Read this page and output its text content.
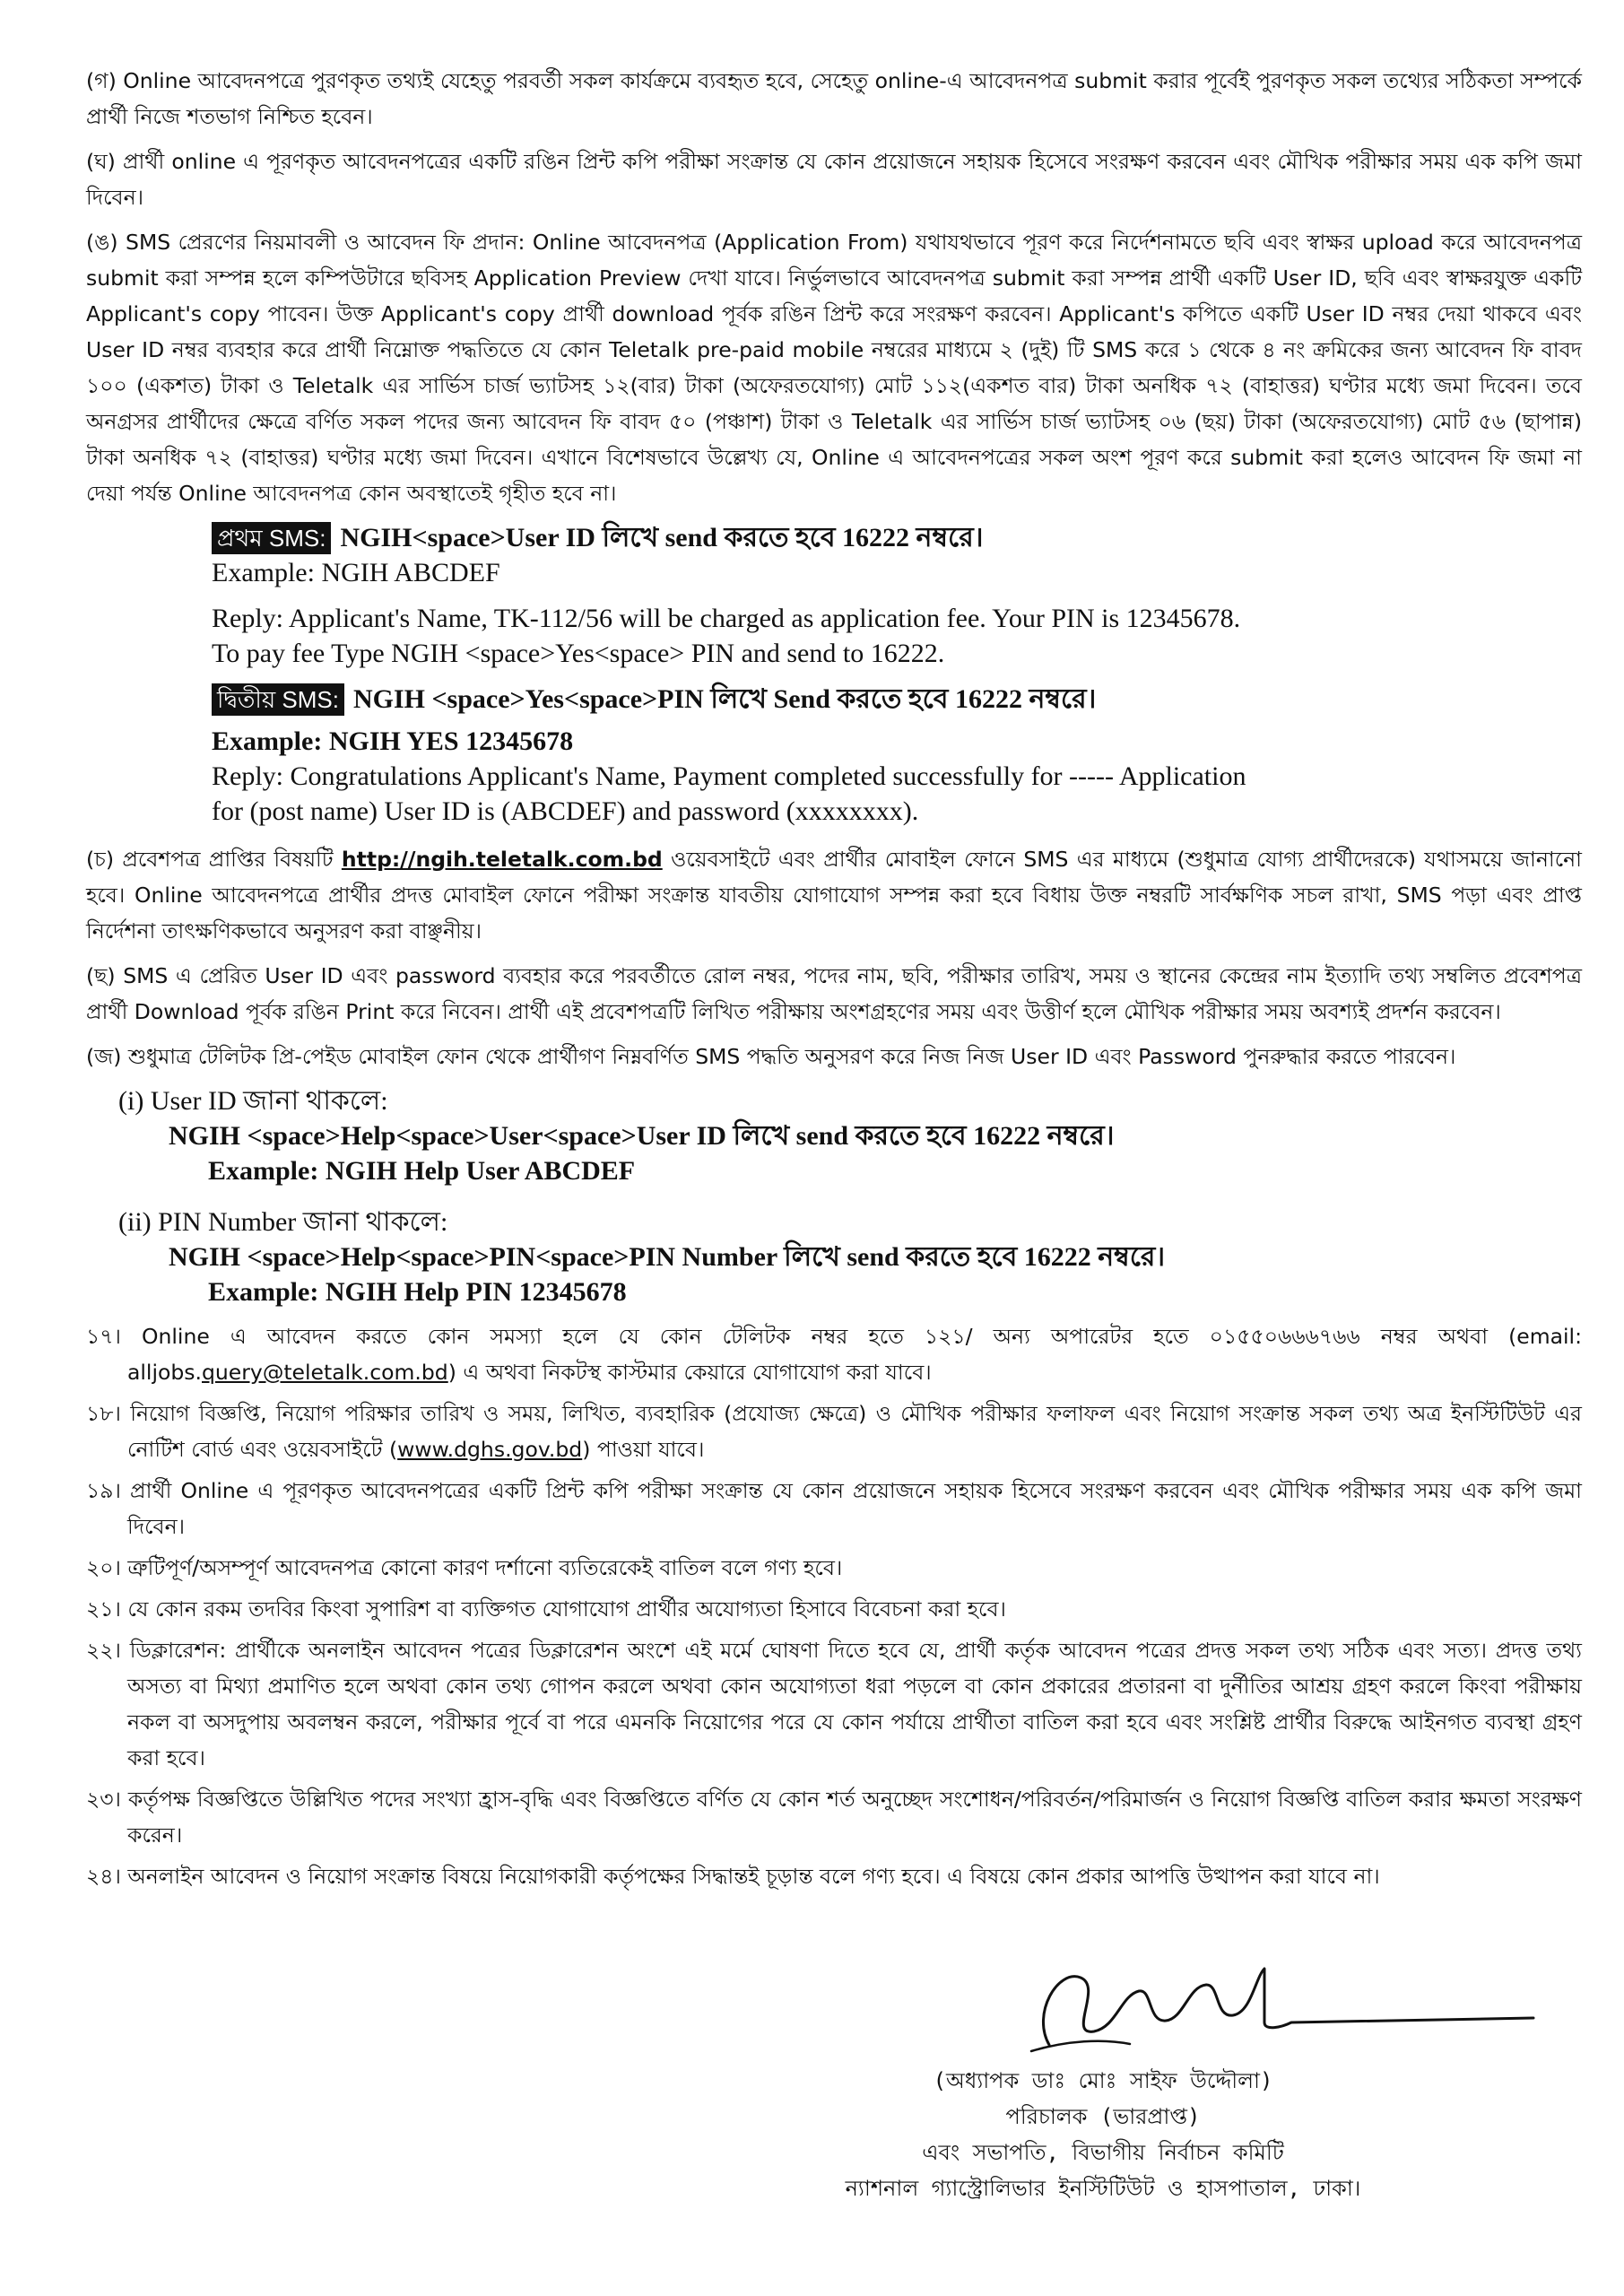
(গ) Online আবেদনপত্রে পুরণকৃত তথ্যই যেহেতু পরবর্তী সকল কার্যক্রমে ব্যবহৃত হবে, সেহেতু online-এ আবেদনপত্র submit করার পূর্বেই পুরণকৃত সকল তথ্যের সঠিকতা সম্পর্কে প্রার্থী নিজে শতভাগ নিশ্চিত হবেন।

(ঘ) প্রার্থী online এ পূরণকৃত আবেদনপত্রের একটি রঙিন প্রিন্ট কপি পরীক্ষা সংক্রান্ত যে কোন প্রয়োজনে সহায়ক হিসেবে সংরক্ষণ করবেন এবং মৌখিক পরীক্ষার সময় এক কপি জমা দিবেন।

(ঙ) SMS প্রেরণের নিয়মাবলী ও আবেদন ফি প্রদান: Online আবেদনপত্র (Application From) যথাযথভাবে পূরণ করে নির্দেশনামতে ছবি এবং স্বাক্ষর upload করে আবেদনপত্র submit করা সম্পন্ন হলে কম্পিউটারে ছবিসহ Application Preview দেখা যাবে। নির্ভুলভাবে আবেদনপত্র submit করা সম্পন্ন প্রার্থী একটি User ID, ছবি এবং স্বাক্ষরযুক্ত একটি Applicant's copy পাবেন। উক্ত Applicant's copy প্রার্থী download পূর্বক রঙিন প্রিন্ট করে সংরক্ষণ করবেন। Applicant's কপিতে একটি User ID নম্বর দেয়া থাকবে এবং User ID নম্বর ব্যবহার করে প্রার্থী নিম্নোক্ত পদ্ধতিতে যে কোন Teletalk pre-paid mobile নম্বরের মাধ্যমে ২ (দুই) টি SMS করে ১ থেকে ৪ নং ক্রমিকের জন্য আবেদন ফি বাবদ ১০০ (একশত) টাকা ও Teletalk এর সার্ভিস চার্জ ভ্যাটসহ ১২(বার) টাকা (অফেরতযোগ্য) মোট ১১২(একশত বার) টাকা অনধিক ৭২ (বাহাত্তর) ঘণ্টার মধ্যে জমা দিবেন। তবে অনগ্রসর প্রার্থীদের ক্ষেত্রে বর্ণিত সকল পদের জন্য আবেদন ফি বাবদ ৫০ (পঞ্চাশ) টাকা ও Teletalk এর সার্ভিস চার্জ ভ্যাটসহ ০৬ (ছয়) টাকা (অফেরতযোগ্য) মোট ৫৬ (ছাপান্ন) টাকা অনধিক ৭২ (বাহাত্তর) ঘণ্টার মধ্যে জমা দিবেন। এখানে বিশেষভাবে উল্লেখ্য যে, Online এ আবেদনপত্রের সকল অংশ পূরণ করে submit করা হলেও আবেদন ফি জমা না দেয়া পর্যন্ত Online আবেদনপত্র কোন অবস্থাতেই গৃহীত হবে না।

প্রথম SMS: NGIH<space>User ID লিখে send করতে হবে 16222 নম্বরে।
Example: NGIH ABCDEF
Reply: Applicant's Name, TK-112/56 will be charged as application fee. Your PIN is 12345678.
To pay fee Type NGIH <space>Yes<space> PIN and send to 16222.
দ্বিতীয় SMS: NGIH <space>Yes<space>PIN লিখে Send করতে হবে 16222 নম্বরে।
Example: NGIH YES 12345678
Reply: Congratulations Applicant's Name, Payment completed successfully for ----- Application
for (post name) User ID is (ABCDEF) and password (xxxxxxxx).

(চ) প্রবেশপত্র প্রাপ্তির বিষয়টি http://ngih.teletalk.com.bd ওয়েবসাইটে এবং প্রার্থীর মোবাইল ফোনে SMS এর মাধ্যমে (শুধুমাত্র যোগ্য প্রার্থীদেরকে) যথাসময়ে জানানো হবে। Online আবেদনপত্রে প্রার্থীর প্রদত্ত মোবাইল ফোনে পরীক্ষা সংক্রান্ত যাবতীয় যোগাযোগ সম্পন্ন করা হবে বিধায় উক্ত নম্বরটি সার্বক্ষণিক সচল রাখা, SMS পড়া এবং প্রাপ্ত নির্দেশনা তাৎক্ষণিকভাবে অনুসরণ করা বাঞ্ছনীয়।

(ছ) SMS এ প্রেরিত User ID এবং password ব্যবহার করে পরবর্তীতে রোল নম্বর, পদের নাম, ছবি, পরীক্ষার তারিখ, সময় ও স্থানের কেন্দ্রের নাম ইত্যাদি তথ্য সম্বলিত প্রবেশপত্র প্রার্থী Download পূর্বক রঙিন Print করে নিবেন। প্রার্থী এই প্রবেশপত্রটি লিখিত পরীক্ষায় অংশগ্রহণের সময় এবং উত্তীর্ণ হলে মৌখিক পরীক্ষার সময় অবশ্যই প্রদর্শন করবেন।

(জ) শুধুমাত্র টেলিটক প্রি-পেইড মোবাইল ফোন থেকে প্রার্থীগণ নিম্নবর্ণিত SMS পদ্ধতি অনুসরণ করে নিজ নিজ User ID এবং Password পুনরুদ্ধার করতে পারবেন।

(i) User ID জানা থাকলে:
NGIH <space>Help<space>User<space>User ID লিখে send করতে হবে 16222 নম্বরে।
Example: NGIH Help User ABCDEF
(ii) PIN Number জানা থাকলে:
NGIH <space>Help<space>PIN<space>PIN Number লিখে send করতে হবে 16222 নম্বরে।
Example: NGIH Help PIN 12345678

১৭। Online এ আবেদন করতে কোন সমস্যা হলে যে কোন টেলিটক নম্বর হতে ১২১/ অন্য অপারেটর হতে ০১৫৫০৬৬৬৭৬৬ নম্বর অথবা (email: alljobs.query@teletalk.com.bd) এ অথবা নিকটস্থ কাস্টমার কেয়ারে যোগাযোগ করা যাবে।

১৮। নিয়োগ বিজ্ঞপ্তি, নিয়োগ পরিক্ষার তারিখ ও সময়, লিখিত, ব্যবহারিক (প্রযোজ্য ক্ষেত্রে) ও মৌখিক পরীক্ষার ফলাফল এবং নিয়োগ সংক্রান্ত সকল তথ্য অত্র ইনস্টিটিউট এর নোটিশ বোর্ড এবং ওয়েবসাইটে (www.dghs.gov.bd) পাওয়া যাবে।

১৯। প্রার্থী Online এ পূরণকৃত আবেদনপত্রের একটি প্রিন্ট কপি পরীক্ষা সংক্রান্ত যে কোন প্রয়োজনে সহায়ক হিসেবে সংরক্ষণ করবেন এবং মৌখিক পরীক্ষার সময় এক কপি জমা দিবেন।

২০। ত্রুটিপূর্ণ/অসম্পূর্ণ আবেদনপত্র কোনো কারণ দর্শানো ব্যতিরেকেই বাতিল বলে গণ্য হবে।

২১। যে কোন রকম তদবির কিংবা সুপারিশ বা ব্যক্তিগত যোগাযোগ প্রার্থীর অযোগ্যতা হিসাবে বিবেচনা করা হবে।

২২। ডিক্লারেশন: প্রার্থীকে অনলাইন আবেদন পত্রের ডিক্লারেশন অংশে এই মর্মে ঘোষণা দিতে হবে যে, প্রার্থী কর্তৃক আবেদন পত্রের প্রদত্ত সকল তথ্য সঠিক এবং সত্য। প্রদত্ত তথ্য অসত্য বা মিথ্যা প্রমাণিত হলে অথবা কোন তথ্য গোপন করলে অথবা কোন অযোগ্যতা ধরা পড়লে বা কোন প্রকারের প্রতারনা বা দুর্নীতির আশ্রয় গ্রহণ করলে কিংবা পরীক্ষায় নকল বা অসদুপায় অবলম্বন করলে, পরীক্ষার পূর্বে বা পরে এমনকি নিয়োগের পরে যে কোন পর্যায়ে প্রার্থীতা বাতিল করা হবে এবং সংশ্লিষ্ট প্রার্থীর বিরুদ্ধে আইনগত ব্যবস্থা গ্রহণ করা হবে।

২৩। কর্তৃপক্ষ বিজ্ঞপ্তিতে উল্লিখিত পদের সংখ্যা হ্রাস-বৃদ্ধি এবং বিজ্ঞপ্তিতে বর্ণিত যে কোন শর্ত অনুচ্ছেদ সংশোধন/পরিবর্তন/পরিমার্জন ও নিয়োগ বিজ্ঞপ্তি বাতিল করার ক্ষমতা সংরক্ষণ করেন।

২৪। অনলাইন আবেদন ও নিয়োগ সংক্রান্ত বিষয়ে নিয়োগকারী কর্তৃপক্ষের সিদ্ধান্তই চূড়ান্ত বলে গণ্য হবে। এ বিষয়ে কোন প্রকার আপত্তি উত্থাপন করা যাবে না।

(অধ্যাপক ডাঃ মোঃ সাইফ উদ্দৌলা)

পরিচালক (ভারপ্রাপ্ত)

এবং সভাপতি, বিভাগীয় নির্বাচন কমিটি

ন্যাশনাল গ্যাস্ট্রোলিভার ইনস্টিটিউট ও হাসপাতাল, ঢাকা।
